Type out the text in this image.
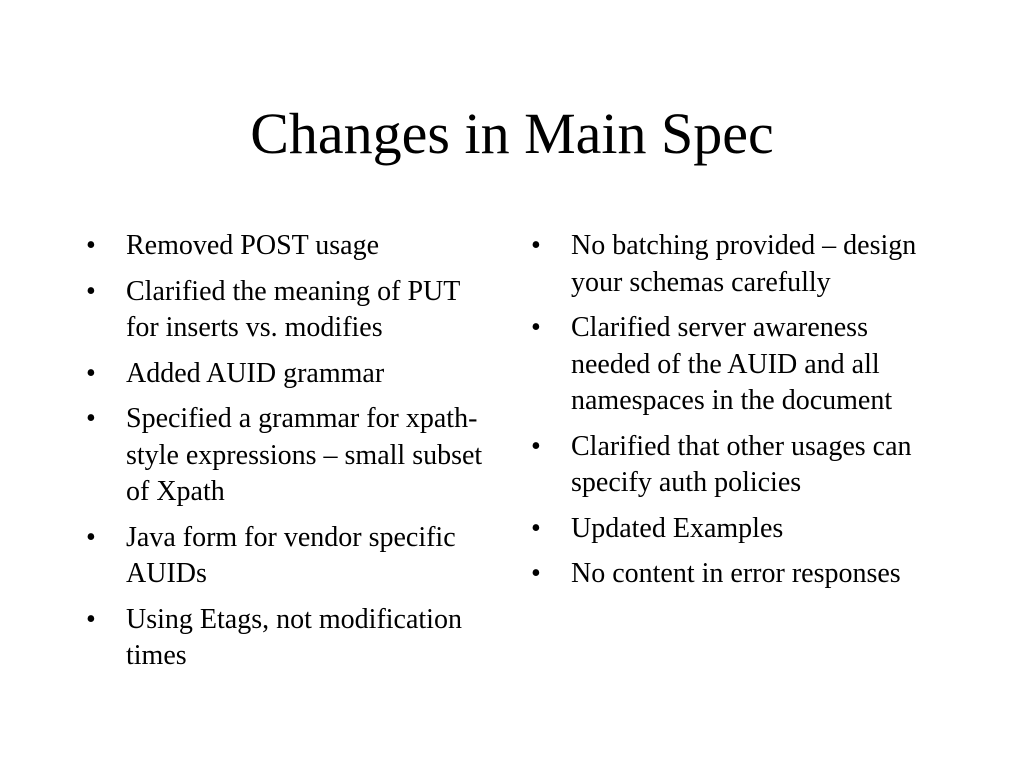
Changes in Main Spec
•	Removed POST usage
•	Clarified the meaning of PUT for inserts vs. modifies
•	Added AUID grammar
•	Specified a grammar for xpath-style expressions – small subset of Xpath
•	Java form for vendor specific AUIDs
•	Using Etags, not modification times
•	No batching provided – design your schemas carefully
•	Clarified server awareness needed of the AUID and all namespaces in the document
•	Clarified that other usages can specify auth policies
•	Updated Examples
•	No content in error responses
